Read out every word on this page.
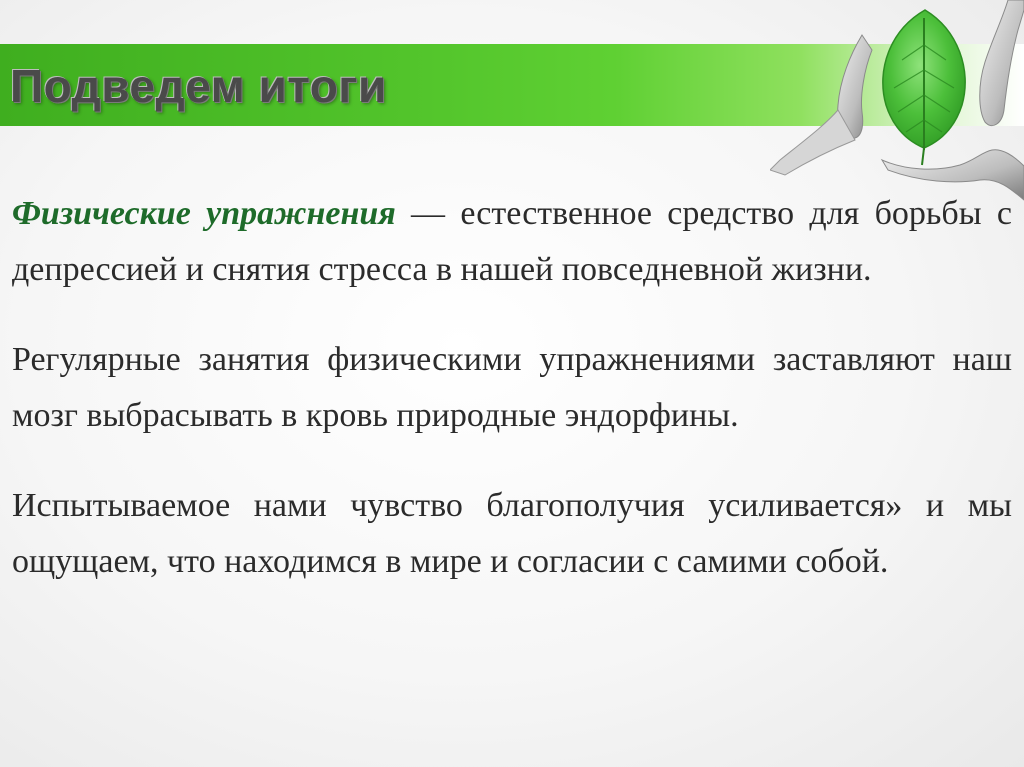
Подведем итоги

Физические упражнения — естественное средство для борьбы с депрессией и снятия стресса в нашей повседневной жизни.

Регулярные занятия физическими упражнениями заставляют наш мозг выбрасывать в кровь природные эндорфины.

Испытываемое нами чувство благополучия усиливается» и мы ощущаем, что находимся в мире и согласии с самими собой.
